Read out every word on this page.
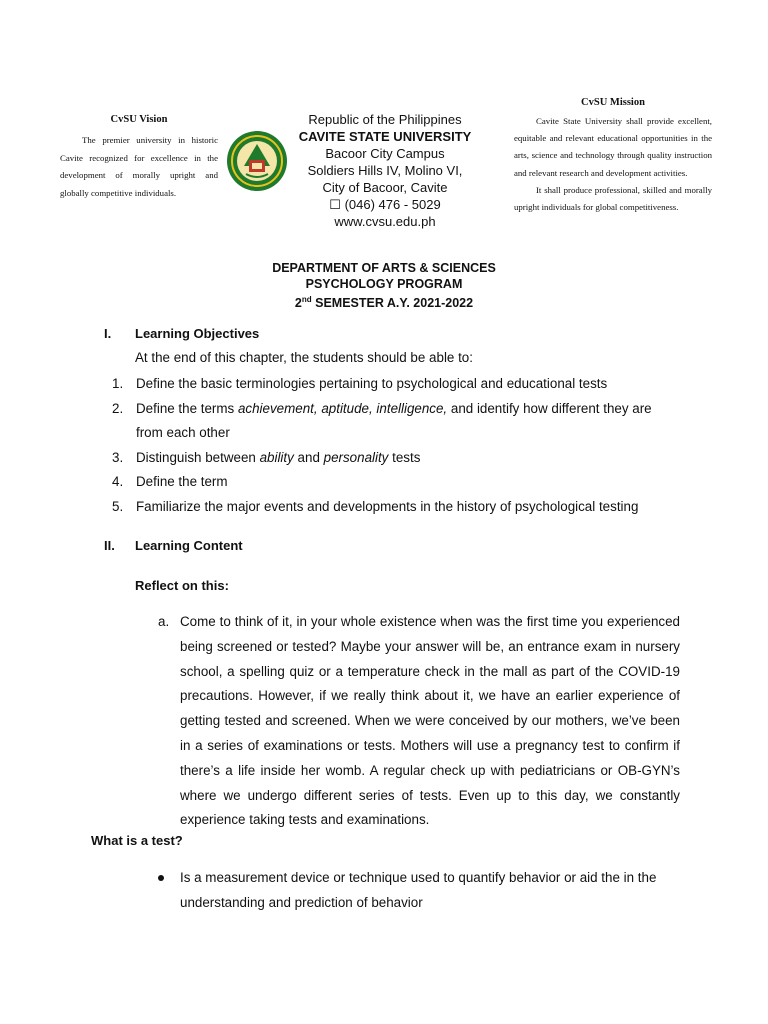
CvSU Vision
The premier university in historic Cavite recognized for excellence in the development of morally upright and globally competitive individuals.
Republic of the Philippines
CAVITE STATE UNIVERSITY
Bacoor City Campus
Soldiers Hills IV, Molino VI,
City of Bacoor, Cavite
☐ (046) 476 - 5029
www.cvsu.edu.ph
CvSU Mission

Cavite State University shall provide excellent, equitable and relevant educational opportunities in the arts, science and technology through quality instruction and relevant research and development activities.

It shall produce professional, skilled and morally upright individuals for global competitiveness.

DEPARTMENT OF ARTS & SCIENCES
PSYCHOLOGY PROGRAM
2nd SEMESTER A.Y. 2021-2022
I. Learning Objectives
At the end of this chapter, the students should be able to:
1. Define the basic terminologies pertaining to psychological and educational tests
2. Define the terms achievement, aptitude, intelligence, and identify how different they are from each other
3. Distinguish between ability and personality tests
4. Define the term
5. Familiarize the major events and developments in the history of psychological testing
II. Learning Content
Reflect on this:
a. Come to think of it, in your whole existence when was the first time you experienced being screened or tested? Maybe your answer will be, an entrance exam in nursery school, a spelling quiz or a temperature check in the mall as part of the COVID-19 precautions. However, if we really think about it, we have an earlier experience of getting tested and screened. When we were conceived by our mothers, we’ve been in a series of examinations or tests. Mothers will use a pregnancy test to confirm if there’s a life inside her womb. A regular check up with pediatricians or OB-GYN’s where we undergo different series of tests. Even up to this day, we constantly experience taking tests and examinations.
What is a test?
Is a measurement device or technique used to quantify behavior or aid the in the understanding and prediction of behavior
